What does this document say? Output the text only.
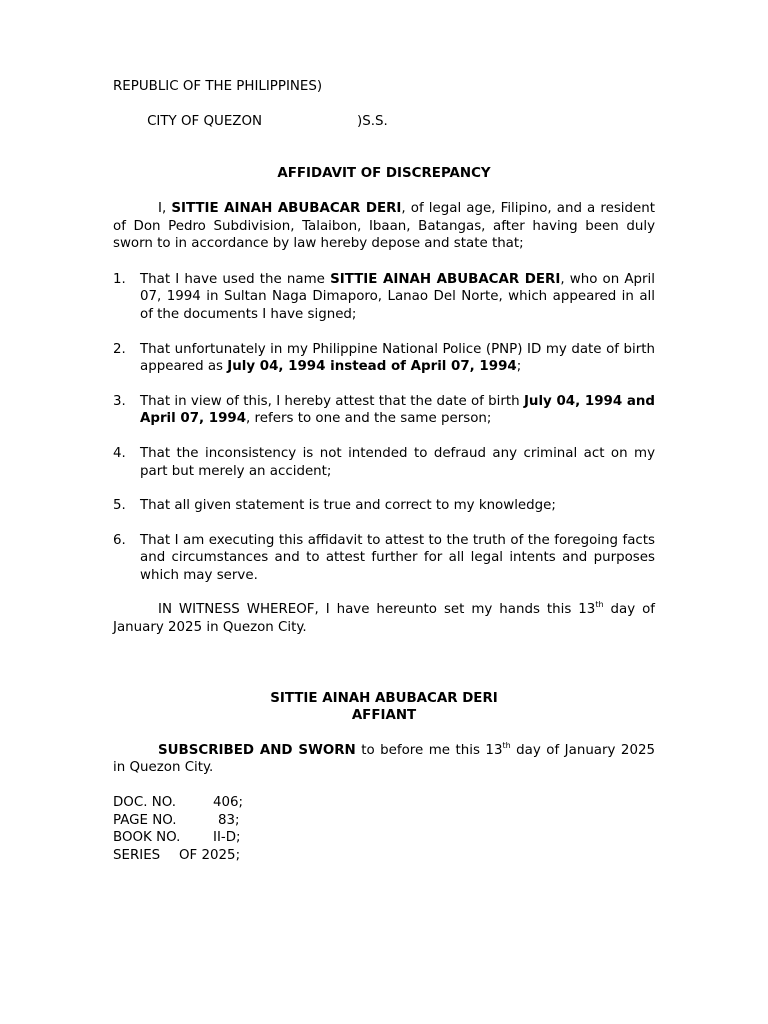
REPUBLIC OF THE PHILIPPINES)

CITY OF QUEZON	)S.S.

AFFIDAVIT OF DISCREPANCY

I, SITTIE AINAH ABUBACAR DERI, of legal age, Filipino, and a resident of Don Pedro Subdivision, Talaibon, Ibaan, Batangas, after having been duly sworn to in accordance by law hereby depose and state that;

1. That I have used the name SITTIE AINAH ABUBACAR DERI, who on April 07, 1994 in Sultan Naga Dimaporo, Lanao Del Norte, which appeared in all of the documents I have signed;
2. That unfortunately in my Philippine National Police (PNP) ID my date of birth appeared as July 04, 1994 instead of April 07, 1994;
3. That in view of this, I hereby attest that the date of birth July 04, 1994 and April 07, 1994, refers to one and the same person;
4. That the inconsistency is not intended to defraud any criminal act on my part but merely an accident;
5. That all given statement is true and correct to my knowledge;
6. That I am executing this affidavit to attest to the truth of the foregoing facts and circumstances and to attest further for all legal intents and purposes which may serve.

IN WITNESS WHEREOF, I have hereunto set my hands this 13th day of January 2025 in Quezon City.

SITTIE AINAH ABUBACAR DERI
AFFIANT

SUBSCRIBED AND SWORN to before me this 13th day of January 2025 in Quezon City.

DOC. NO.	406;
PAGE NO.	83;
BOOK NO. II-D;
SERIES OF 2025;
